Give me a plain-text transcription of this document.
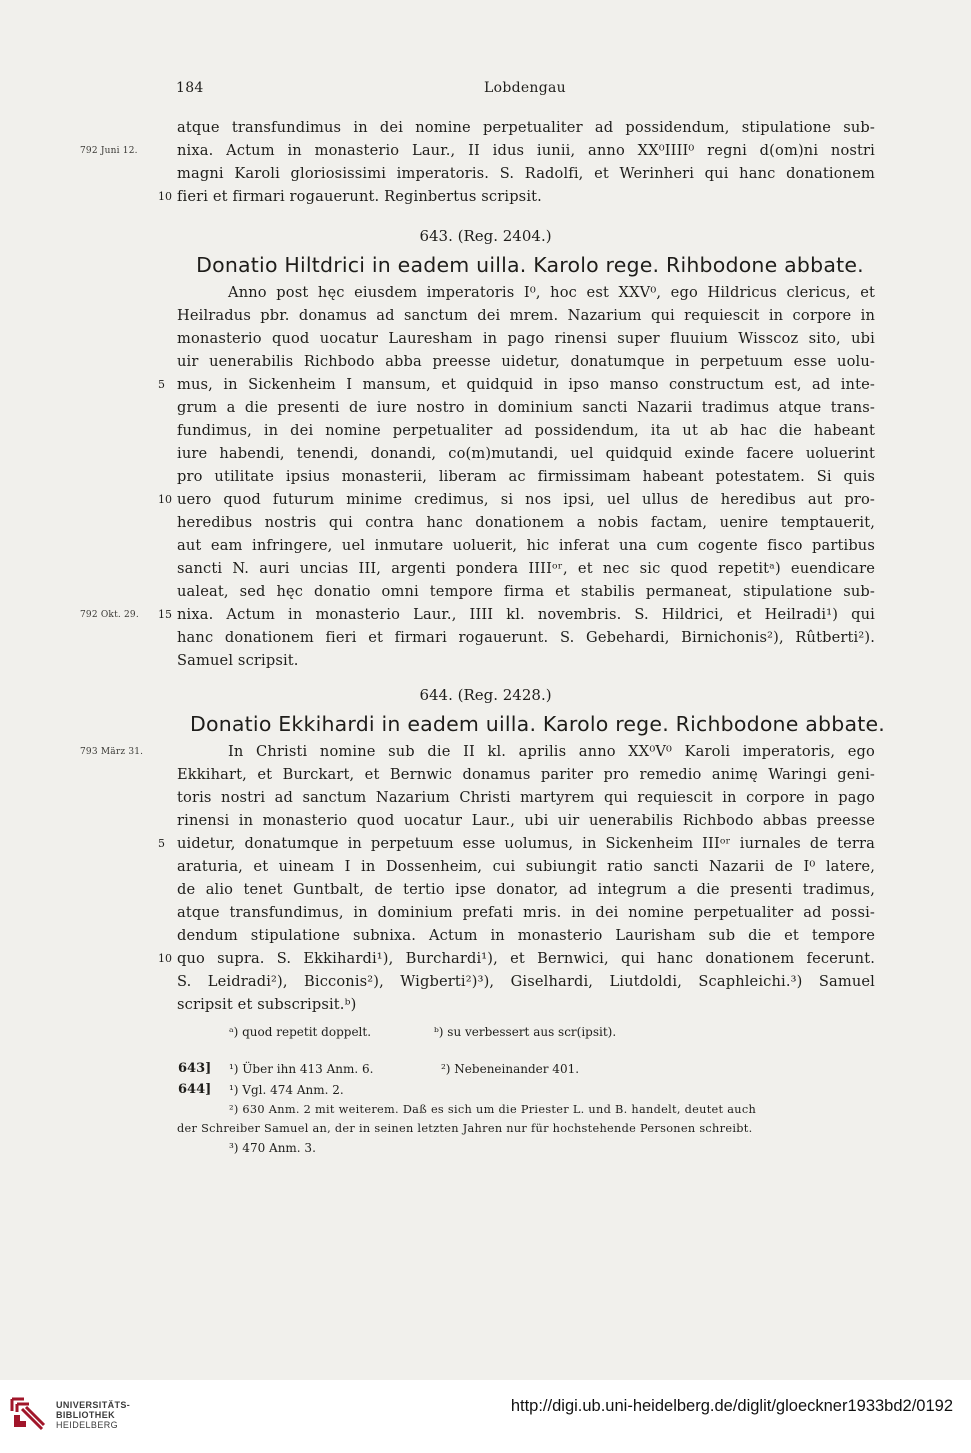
184	Lobdengau
atque transfundimus in dei nomine perpetualiter ad possidendum, stipulatione sub-
792 Juni 12.	nixa. Actum in monasterio Laur., II idus iunii, anno XX⁰IIII⁰ regni d(om)ni nostri
magni Karoli gloriosissimi imperatoris. S. Radolfi, et Werinheri qui hanc donationem
10 fieri et firmari rogauerunt. Reginbertus scripsit.
643. (Reg. 2404.)
Donatio Hiltdrici in eadem uilla. Karolo rege. Rihbodone abbate.
Anno post hęc eiusdem imperatoris I⁰, hoc est XXV⁰, ego Hildricus clericus, et
Heilradus pbr. donamus ad sanctum dei mrem. Nazarium qui requiescit in corpore in
monasterio quod uocatur Lauresham in pago rinensi super fluuium Wisscoz sito, ubi
uir uenerabilis Richbodo abba preesse uidetur, donatumque in perpetuum esse uolu-
5 mus, in Sickenheim I mansum, et quidquid in ipso manso constructum est, ad inte-
grum a die presenti de iure nostro in dominium sancti Nazarii tradimus atque trans-
fundimus, in dei nomine perpetualiter ad possidendum, ita ut ab hac die habeant
iure habendi, tenendi, donandi, co(m)mutandi, uel quidquid exinde facere uoluerint
pro utilitate ipsius monasterii, liberam ac firmissimam habeant potestatem. Si quis
10 uero quod futurum minime credimus, si nos ipsi, uel ullus de heredibus aut pro-
heredibus nostris qui contra hanc donationem a nobis factam, uenire temptauerit,
aut eam infringere, uel inmutare uoluerit, hic inferat una cum cogente fisco partibus
sancti N. auri uncias III, argenti pondera IIIIᵒʳ, et nec sic quod repetitᵃ) euendicare
ualeat, sed hęc donatio omni tempore firma et stabilis permaneat, stipulatione sub-
792 Okt. 29. 15 nixa. Actum in monasterio Laur., IIII kl. novembris. S. Hildrici, et Heilradi¹) qui
hanc donationem fieri et firmari rogauerunt. S. Gebehardi, Birnichonis²), Rûtberti²).
Samuel scripsit.
644. (Reg. 2428.)
Donatio Ekkihardi in eadem uilla. Karolo rege. Richbodone abbate.
793 März 31.	In Christi nomine sub die II kl. aprilis anno XX⁰V⁰ Karoli imperatoris, ego
Ekkihart, et Burckart, et Bernwic donamus pariter pro remedio animę Waringi geni-
toris nostri ad sanctum Nazarium Christi martyrem qui requiescit in corpore in pago
rinensi in monasterio quod uocatur Laur., ubi uir uenerabilis Richbodo abbas preesse
5 uidetur, donatumque in perpetuum esse uolumus, in Sickenheim IIIᵒʳ iurnales de terra
araturia, et uineam I in Dossenheim, cui subiungit ratio sancti Nazarii de I⁰ latere,
de alio tenet Guntbalt, de tertio ipse donator, ad integrum a die presenti tradimus,
atque transfundimus, in dominium prefati mris. in dei nomine perpetualiter ad possi-
dendum stipulatione subnixa. Actum in monasterio Laurisham sub die et tempore
10 quo supra. S. Ekkihardi¹), Burchardi¹), et Bernwici, qui hanc donationem fecerunt.
S. Leidradi²), Bicconis²), Wigberti²)³), Giselhardi, Liutdoldi, Scaphleichi.³) Samuel
scripsit et subscripsit.ᵇ)
ᵃ) quod repetit doppelt.	ᵇ) su verbessert aus scr(ipsit).
643] ¹) Über ihn 413 Anm. 6.	²) Nebeneinander 401.
644] ¹) Vgl. 474 Anm. 2.
²) 630 Anm. 2 mit weiterem. Daß es sich um die Priester L. und B. handelt, deutet auch
der Schreiber Samuel an, der in seinen letzten Jahren nur für hochstehende Personen schreibt.
³) 470 Anm. 3.
UNIVERSITÄTS-
BIBLIOTHEK
HEIDELBERG
http://digi.ub.uni-heidelberg.de/diglit/gloeckner1933bd2/0192
